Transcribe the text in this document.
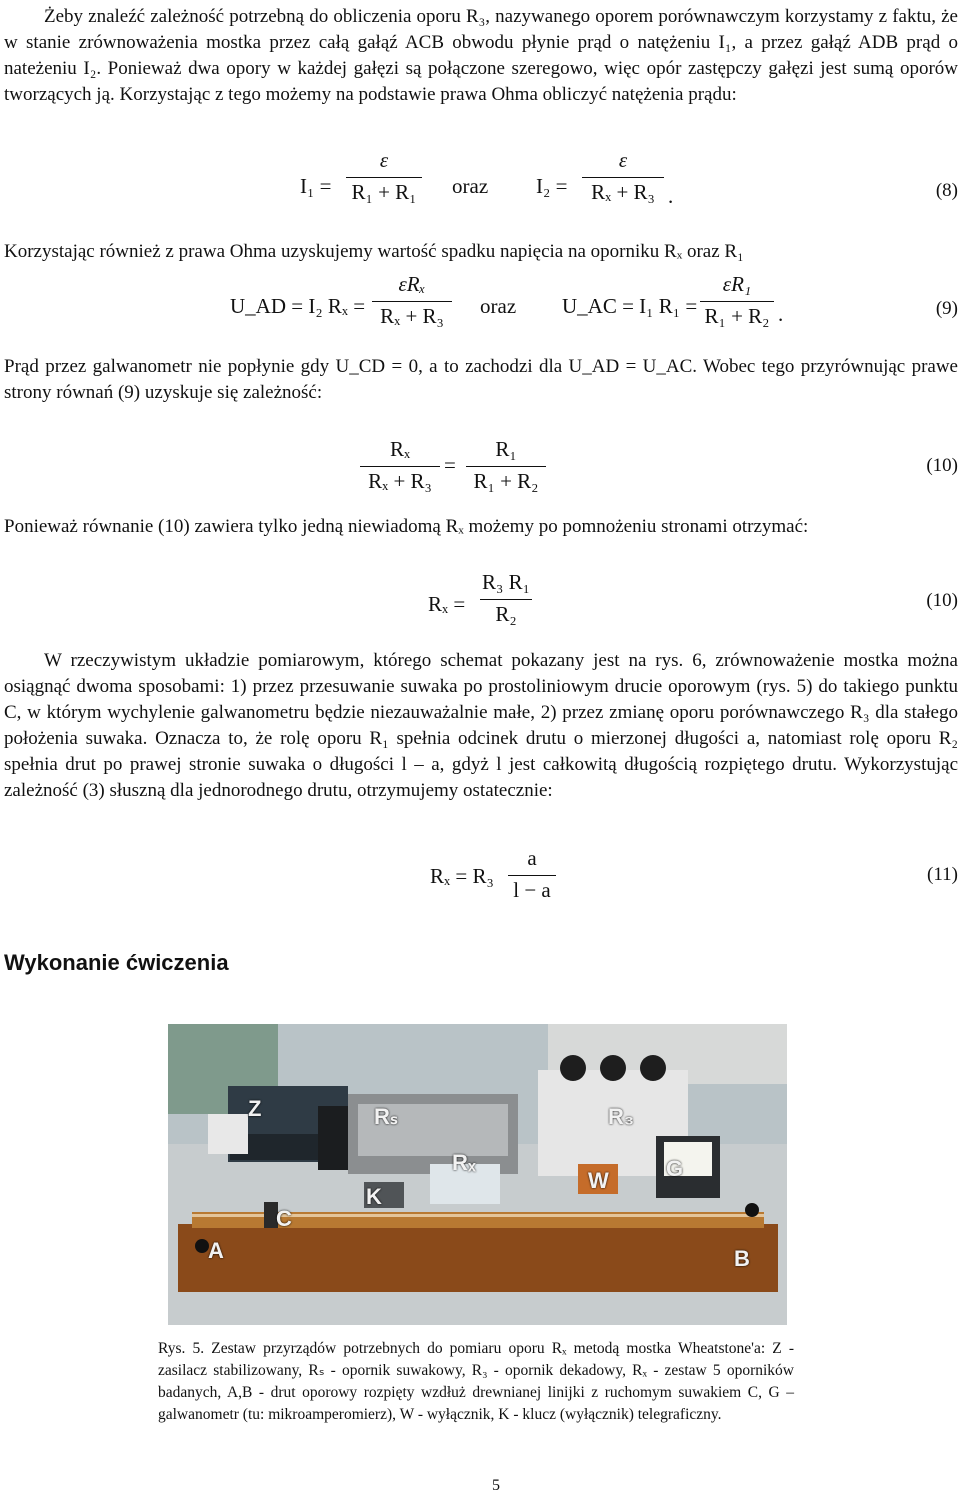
Żeby znaleźć zależność potrzebną do obliczenia oporu R₃, nazywanego oporem porównawczym korzystamy z faktu, że w stanie zrównoważenia mostka przez całą gałąź ACB obwodu płynie prąd o natężeniu I₁, a przez gałąź ADB prąd o nateżeniu I₂. Ponieważ dwa opory w każdej gałęzi są połączone szeregowo, więc opór zastępczy gałęzi jest sumą oporów tworzących ją. Korzystając z tego możemy na podstawie prawa Ohma obliczyć natężenia prądu:

I₁ =
ε
R₁ + R₁ oraz I₂ =
ε
Rₓ + R₃ .	(8)

Korzystając również z prawa Ohma uzyskujemy wartość spadku napięcia na oporniku Rₓ oraz R₁

U_AD = I₂ Rₓ =
εRₓ
Rₓ + R₃	oraz U_AC = I₁ R₁ =
εR₁
R₁ + R₂ .	(9)

Prąd przez galwanometr nie popłynie gdy U_CD = 0, a to zachodzi dla U_AD = U_AC. Wobec tego przyrównując prawe strony równań (9) uzyskuje się zależność:

Rₓ
Rₓ + R₃
=
R₁
R₁ + R₂
(10)

Ponieważ równanie (10) zawiera tylko jedną niewiadomą Rₓ możemy po pomnożeniu stronami otrzymać:

Rₓ =
R₃ R₁
R₂
(10)

W rzeczywistym układzie pomiarowym, którego schemat pokazany jest na rys. 6, zrównoważenie mostka można osiągnąć dwoma sposobami: 1) przez przesuwanie suwaka po prostoliniowym drucie oporowym (rys. 5) do takiego punktu C, w którym wychylenie galwanometru będzie niezauważalnie małe, 2) przez zmianę oporu porównawczego R₃ dla stałego położenia suwaka. Oznacza to, że rolę oporu R₁ spełnia odcinek drutu o mierzonej długości a, natomiast rolę oporu R₂ spełnia drut po prawej stronie suwaka o długości l – a, gdyż l jest całkowitą długością rozpiętego drutu. Wykorzystując zależność (3) słuszną dla jednorodnego drutu, otrzymujemy ostatecznie:

Rₓ = R₃
a
l − a
(11)
Wykonanie ćwiczenia
Z	Rₛ	R₃
K
Rₓ
W	G
C
A	B

Rys. 5. Zestaw przyrządów potrzebnych do pomiaru oporu Rₓ metodą mostka Wheatstone'a: Z - zasilacz stabilizowany, Rₛ - opornik suwakowy, R₃ - opornik dekadowy, Rₓ - zestaw 5 oporników badanych, A,B - drut oporowy rozpięty wzdłuż drewnianej linijki z ruchomym suwakiem C, G – galwanometr (tu: mikroamperomierz), W - wyłącznik, K - klucz (wyłącznik) telegraficzny.

5
